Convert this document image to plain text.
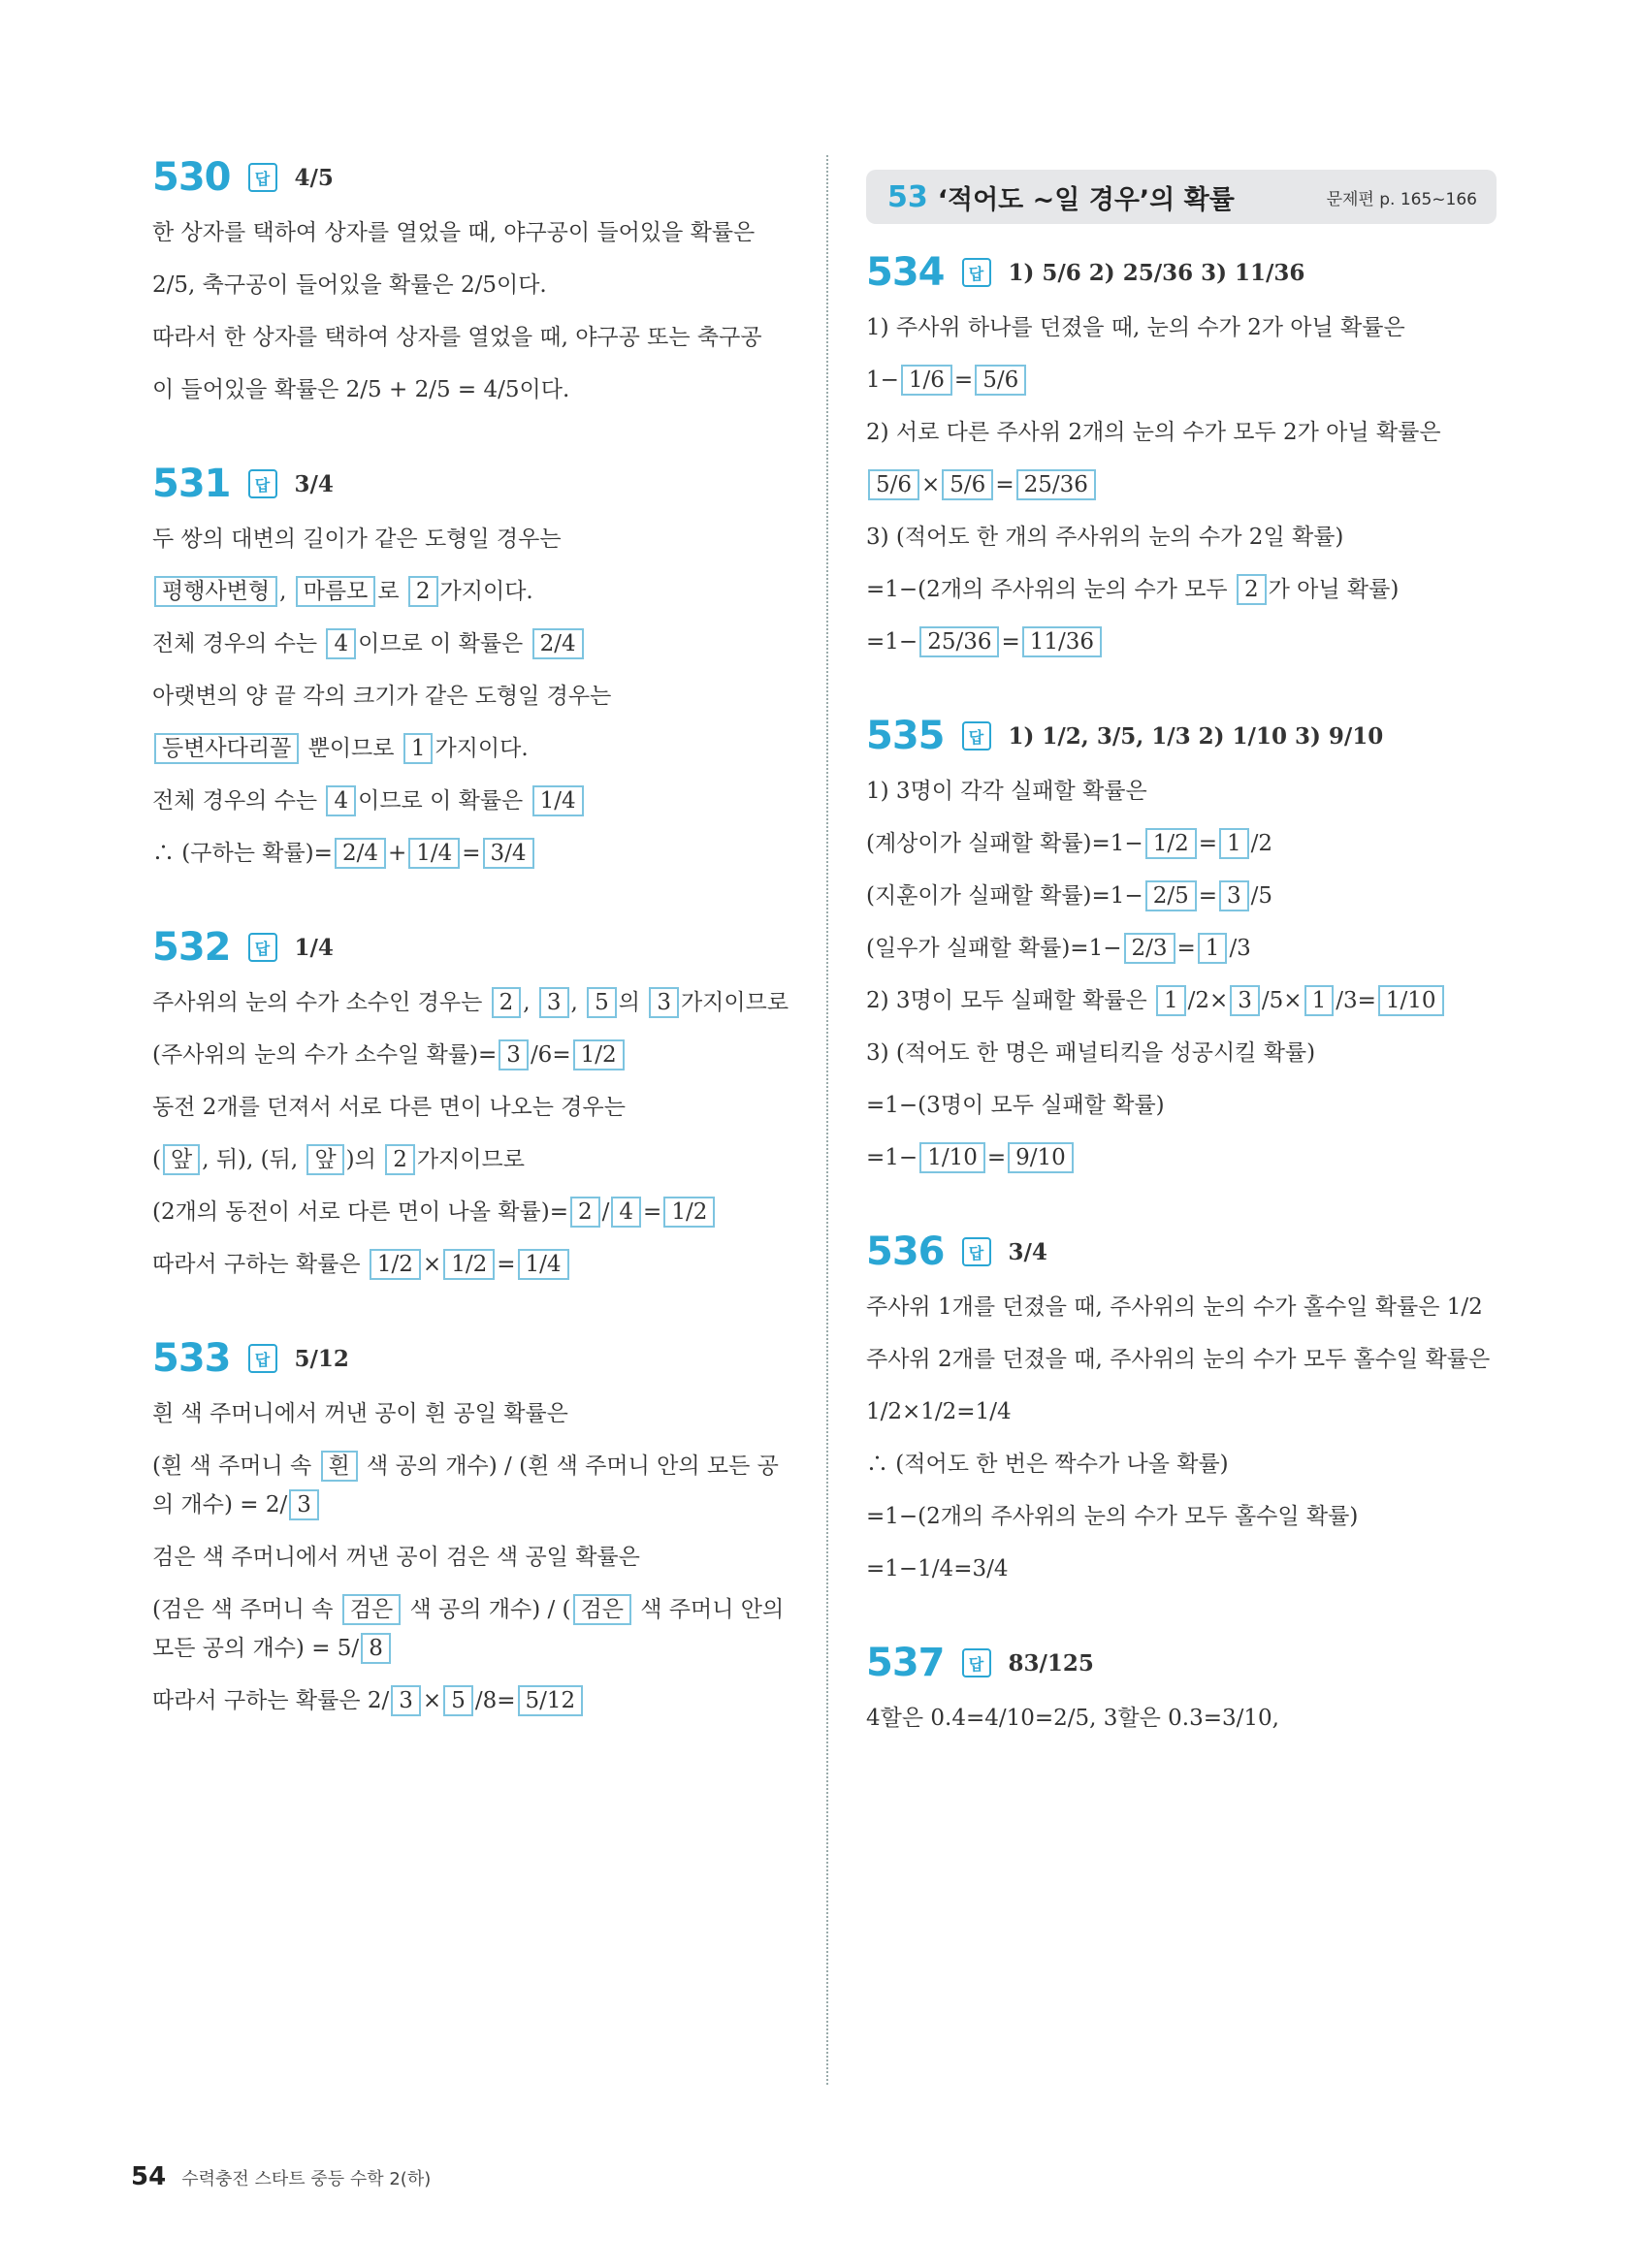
53 ‘적어도 ~일 경우’의 확률	문제편 p. 165~166
530	답	4/5
한 상자를 택하여 상자를 열었을 때, 야구공이 들어있을 확률은
2/5, 축구공이 들어있을 확률은 2/5이다.
따라서 한 상자를 택하여 상자를 열었을 때, 야구공 또는 축구공
이 들어있을 확률은 2/5 + 2/5 = 4/5이다.
531	답	3/4
두 쌍의 대변의 길이가 같은 도형일 경우는
평행사변형 , 마름모 로 2 가지이다.
전체 경우의 수는 4 이므로 이 확률은 2/4
아랫변의 양 끝 각의 크기가 같은 도형일 경우는
등변사다리꼴 뿐이므로 1 가지이다.
전체 경우의 수는 4 이므로 이 확률은 1/4
∴ (구하는 확률)= 2/4 + 1/4 = 3/4
532	답	1/4
주사위의 눈의 수가 소수인 경우는 2 , 3 , 5 의 3 가지이므로
(주사위의 눈의 수가 소수일 확률)= 3 /6= 1/2
동전 2개를 던져서 서로 다른 면이 나오는 경우는
( 앞 , 뒤), (뒤, 앞 )의 2 가지이므로
(2개의 동전이 서로 다른 면이 나올 확률)= 2 / 4 = 1/2
따라서 구하는 확률은 1/2 × 1/2 = 1/4
533	답	5/12
흰 색 주머니에서 꺼낸 공이 흰 공일 확률은
(흰 색 주머니 속 흰 색 공의 개수) / (흰 색 주머니 안의 모든 공의 개수) = 2/ 3
검은 색 주머니에서 꺼낸 공이 검은 색 공일 확률은
(검은 색 주머니 속 검은 색 공의 개수) / ( 검은 색 주머니 안의 모든 공의 개수) = 5/ 8
따라서 구하는 확률은 2/ 3 × 5 /8= 5/12
534	답	1) 5/6 2) 25/36 3) 11/36
1) 주사위 하나를 던졌을 때, 눈의 수가 2가 아닐 확률은
1− 1/6 = 5/6
2) 서로 다른 주사위 2개의 눈의 수가 모두 2가 아닐 확률은
5/6 × 5/6 = 25/36
3) (적어도 한 개의 주사위의 눈의 수가 2일 확률)
=1−(2개의 주사위의 눈의 수가 모두 2 가 아닐 확률)
=1− 25/36 = 11/36
535	답	1) 1/2, 3/5, 1/3 2) 1/10 3) 9/10
1) 3명이 각각 실패할 확률은
(계상이가 실패할 확률)=1− 1/2 = 1 /2
(지훈이가 실패할 확률)=1− 2/5 = 3 /5
(일우가 실패할 확률)=1− 2/3 = 1 /3
2) 3명이 모두 실패할 확률은 1 /2× 3 /5× 1 /3= 1/10
3) (적어도 한 명은 패널티킥을 성공시킬 확률)
=1−(3명이 모두 실패할 확률)
=1− 1/10 = 9/10
536	답	3/4
주사위 1개를 던졌을 때, 주사위의 눈의 수가 홀수일 확률은 1/2
주사위 2개를 던졌을 때, 주사위의 눈의 수가 모두 홀수일 확률은
1/2×1/2=1/4
∴ (적어도 한 번은 짝수가 나올 확률)
=1−(2개의 주사위의 눈의 수가 모두 홀수일 확률)
=1−1/4=3/4
537	답	83/125
4할은 0.4=4/10=2/5, 3할은 0.3=3/10,
54 수력충전 스타트 중등 수학 2(하)
